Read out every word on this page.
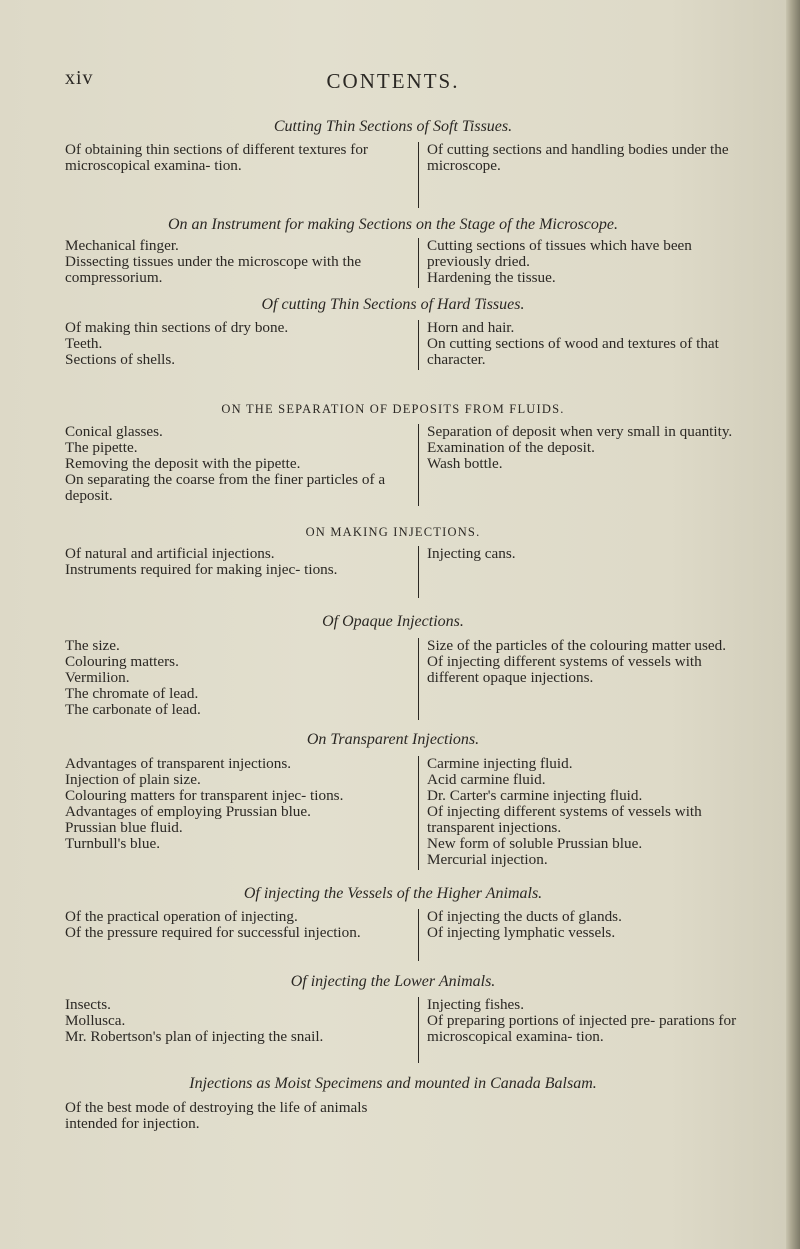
xiv	CONTENTS.
Cutting Thin Sections of Soft Tissues.

Of obtaining thin sections of different textures for microscopical examina- tion.

Of cutting sections and handling bodies under the microscope.

On an Instrument for making Sections on the Stage of the Microscope.

Mechanical finger.

Dissecting tissues under the microscope with the compressorium.

Cutting sections of tissues which have been previously dried.

Hardening the tissue.

Of cutting Thin Sections of Hard Tissues.

Of making thin sections of dry bone.

Teeth.

Sections of shells.

Horn and hair.

On cutting sections of wood and textures of that character.

ON THE SEPARATION OF DEPOSITS FROM FLUIDS.

Conical glasses.

The pipette.

Removing the deposit with the pipette.

On separating the coarse from the finer particles of a deposit.

Separation of deposit when very small in quantity.

Examination of the deposit.

Wash bottle.

ON MAKING INJECTIONS.

Of natural and artificial injections.

Instruments required for making injec- tions.

Injecting cans.

Of Opaque Injections.

The size.

Colouring matters.

Vermilion.

The chromate of lead.

The carbonate of lead.

Size of the particles of the colouring matter used.

Of injecting different systems of vessels with different opaque injections.

On Transparent Injections.

Advantages of transparent injections.

Injection of plain size.

Colouring matters for transparent injec- tions.

Advantages of employing Prussian blue.

Prussian blue fluid.

Turnbull's blue.

Carmine injecting fluid.

Acid carmine fluid.

Dr. Carter's carmine injecting fluid.

Of injecting different systems of vessels with transparent injections.

New form of soluble Prussian blue.

Mercurial injection.

Of injecting the Vessels of the Higher Animals.

Of the practical operation of injecting.

Of the pressure required for successful injection.

Of injecting the ducts of glands.

Of injecting lymphatic vessels.

Of injecting the Lower Animals.

Insects.

Mollusca.

Mr. Robertson's plan of injecting the snail.

Injecting fishes.

Of preparing portions of injected pre- parations for microscopical examina- tion.

Injections as Moist Specimens and mounted in Canada Balsam.

Of the best mode of destroying the life of animals intended for injection.
